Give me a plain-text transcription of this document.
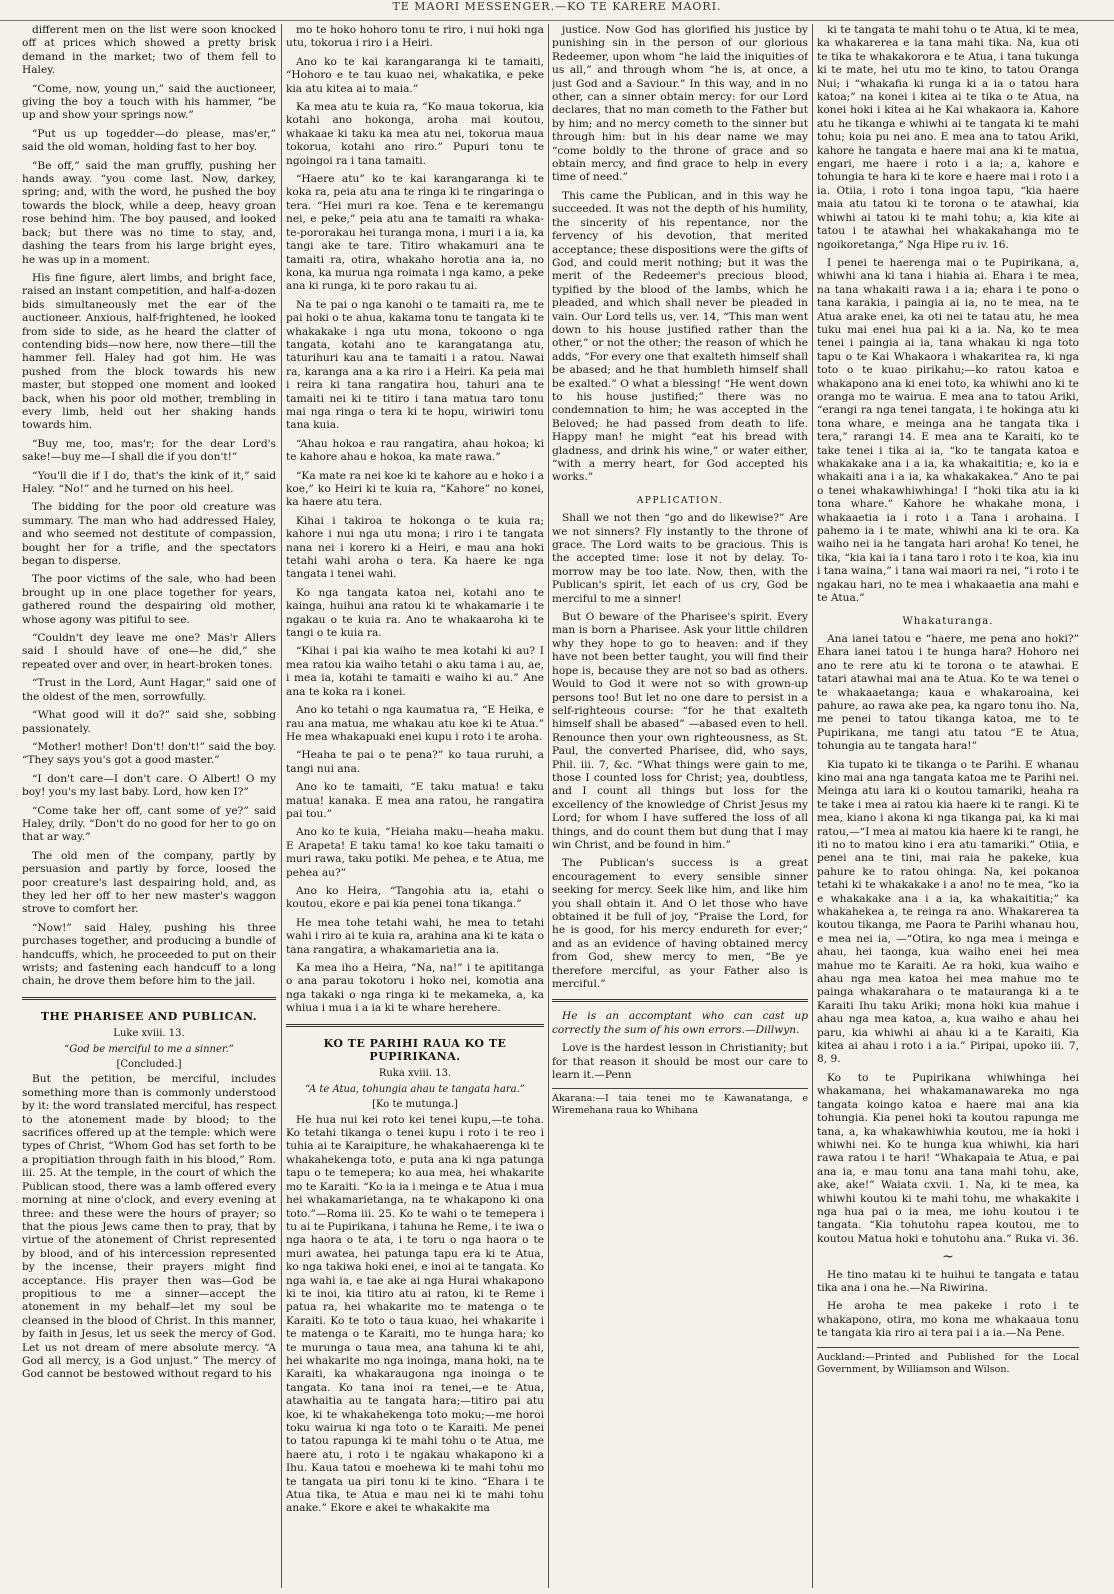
TE MAORI MESSENGER.—KO TE KARERE MAORI.

different men on the list were soon knocked off at prices which showed a pretty brisk demand in the market; two of them fell to Haley.

“Come, now, young un,” said the auctioneer, giving the boy a touch with his hammer, “be up and show your springs now.”

“Put us up togedder—do please, mas'er,” said the old woman, holding fast to her boy.

“Be off,” said the man gruffly, pushing her hands away. “you come last. Now, darkey, spring; and, with the word, he pushed the boy towards the block, while a deep, heavy groan rose behind him. The boy paused, and looked back; but there was no time to stay, and, dashing the tears from his large bright eyes, he was up in a moment.

His fine figure, alert limbs, and bright face, raised an instant competition, and half-a-dozen bids simultaneously met the ear of the auctioneer. Anxious, half-frightened, he looked from side to side, as he heard the clatter of contending bids—now here, now there—till the hammer fell. Haley had got him. He was pushed from the block towards his new master, but stopped one moment and looked back, when his poor old mother, trembling in every limb, held out her shaking hands towards him.

“Buy me, too, mas'r; for the dear Lord's sake!—buy me—I shall die if you don't!”

“You'll die if I do, that's the kink of it,” said Haley. “No!” and he turned on his heel.

The bidding for the poor old creature was summary. The man who had addressed Haley, and who seemed not destitute of compassion, bought her for a trifle, and the spectators began to disperse.

The poor victims of the sale, who had been brought up in one place together for years, gathered round the despairing old mother, whose agony was pitiful to see.

“Couldn't dey leave me one? Mas'r Allers said I should have of one—he did,” she repeated over and over, in heart-broken tones.

“Trust in the Lord, Aunt Hagar,” said one of the oldest of the men, sorrowfully.

“What good will it do?” said she, sobbing passionately.

“Mother! mother! Don't! don't!” said the boy. “They says you's got a good master.”

“I don't care—I don't care. O Albert! O my boy! you's my last baby. Lord, how ken I?”

“Come take her off, cant some of ye?” said Haley, drily. “Don't do no good for her to go on that ar way.”

The old men of the company, partly by persuasion and partly by force, loosed the poor creature's last despairing hold, and, as they led her off to her new master's waggon strove to comfort her.

“Now!” said Haley, pushing his three purchases together, and producing a bundle of handcuffs, which, he proceeded to put on their wrists; and fastening each handcuff to a long chain, he drove them before him to the jail.

THE PHARISEE AND PUBLICAN.
Luke xviii. 13.
“God be merciful to me a sinner.”
[Concluded.]

But the petition, be merciful, includes something more than is commonly understood by it: the word translated merciful, has respect to the atonement made by blood; to the sacrifices offered up at the temple: which were types of Christ, “Whom God has set forth to be a propitiation through faith in his blood,” Rom. iii. 25. At the temple, in the court of which the Publican stood, there was a lamb offered every morning at nine o'clock, and every evening at three: and these were the hours of prayer; so that the pious Jews came then to pray, that by virtue of the atonement of Christ represented by blood, and of his intercession represented by the incense, their prayers might find acceptance. His prayer then was—God be propitious to me a sinner—accept the atonement in my behalf—let my soul be cleansed in the blood of Christ. In this manner, by faith in Jesus, let us seek the mercy of God. Let us not dream of mere absolute mercy. “A God all mercy, is a God unjust.” The mercy of God cannot be bestowed without regard to his

mo te hoko hohoro tonu te riro, i nui hoki nga utu, tokorua i riro i a Heiri.

Ano ko te kai karangaranga ki te tamaiti, “Hohoro e te tau kuao nei, whakatika, e peke kia atu kitea ai to maia.”

Ka mea atu te kuia ra, “Ko maua tokorua, kia kotahi ano hokonga, aroha mai koutou, whakaae ki taku ka mea atu nei, tokorua maua tokorua, kotahi ano riro.” Pupuri tonu te ngoingoi ra i tana tamaiti.

“Haere atu” ko te kai karangaranga ki te koka ra, peia atu ana te ringa ki te ringaringa o tera. “Hei muri ra koe. Tena e te keremangu nei, e peke,” peia atu ana te tamaiti ra whaka-te-pororakau hei turanga mona, i muri i a ia, ka tangi ake te tare. Titiro whakamuri ana te tamaiti ra, otira, whakaho horotia ana ia, no kona, ka murua nga roimata i nga kamo, a peke ana ki runga, ki te poro rakau tu ai.

Na te pai o nga kanohi o te tamaiti ra, me te pai hoki o te ahua, kakama tonu te tangata ki te whakakake i nga utu mona, tokoono o nga tangata, kotahi ano te karangatanga atu, taturihuri kau ana te tamaiti i a ratou. Nawai ra, karanga ana a ka riro i a Heiri. Ka peia mai i reira ki tana rangatira hou, tahuri ana te tamaiti nei ki te titiro i tana matua taro tonu mai nga ringa o tera ki te hopu, wiriwiri tonu tana kuia.

“Ahau hokoa e rau rangatira, ahau hokoa; ki te kahore ahau e hokoa, ka mate rawa.”

“Ka mate ra nei koe ki te kahore au e hoko i a koe,” ko Heiri ki te kuia ra, “Kahore” no konei, ka haere atu tera.

Kihai i takiroa te hokonga o te kuia ra; kahore i nui nga utu mona; i riro i te tangata nana nei i korero ki a Heiri, e mau ana hoki tetahi wahi aroha o tera. Ka haere ke nga tangata i tenei wahi.

Ko nga tangata katoa nei, kotahi ano te kainga, huihui ana ratou ki te whakamarie i te ngakau o te kuia ra. Ano te whakaaroha ki te tangi o te kuia ra.

“Kihai i pai kia waiho te mea kotahi ki au? I mea ratou kia waiho tetahi o aku tama i au, ae, i mea ia, kotahi te tamaiti e waiho ki au.” Ane ana te koka ra i konei.

Ano ko tetahi o nga kaumatua ra, “E Heika, e rau ana matua, me whakau atu koe ki te Atua.” He mea whakapuaki enei kupu i roto i te aroha.

“Heaha te pai o te pena?” ko taua ruruhi, a tangi nui ana.

Ano ko te tamaiti, “E taku matua! e taku matua! kanaka. E mea ana ratou, he rangatira pai tou.”

Ano ko te kuia, “Heiaha maku—heaha maku. E Arapeta! E taku tama! ko koe taku tamaiti o muri rawa, taku potiki. Me pehea, e te Atua, me pehea au?”

Ano ko Heira, “Tangohia atu ia, etahi o koutou, ekore e pai kia penei tona tikanga.”

He mea tohe tetahi wahi, he mea to tetahi wahi i riro ai te kuia ra, arahina ana ki te kata o tana rangatira, a whakamarietia ana ia.

Ka mea iho a Heira, “Na, na!” i te apititanga o ana parau tokotoru i hoko nei, komotia ana nga takaki o nga ringa ki te mekameka, a, ka whiua i mua i a ia ki te whare herehere.

KO TE PARIHI RAUA KO TE PUPIRIKANA.
Ruka xviii. 13.
“A te Atua, tohungia ahau te tangata hara.”
[Ko te mutunga.]

He hua nui kei roto kei tenei kupu,—te toha. Ko tetahi tikanga o tenei kupu i roto i te reo i tuhia ai te Karaipiture, he whakahaerenga ki te whakahekenga toto, e puta ana ki nga patunga tapu o te temepera; ko aua mea, hei whakarite mo te Karaiti. “Ko ia ia i meinga e te Atua i mua hei whakamarietanga, na te whakapono ki ona toto.”—Roma iii. 25. Ko te wahi o te temepera i tu ai te Pupirikana, i tahuna he Reme, i te iwa o nga haora o te ata, i te toru o nga haora o te muri awatea, hei patunga tapu era ki te Atua, ko nga takiwa hoki enei, e inoi ai te tangata. Ko nga wahi ia, e tae ake ai nga Hurai whakapono ki te inoi, kia titiro atu ai ratou, ki te Reme i patua ra, hei whakarite mo te matenga o te Karaiti. Ko te toto o taua kuao, hei whakarite i te matenga o te Karaiti, mo te hunga hara; ko te murunga o taua mea, ana tahuna ki te ahi, hei whakarite mo nga inoinga, mana hoki, na te Karaiti, ka whakaraugona nga inoinga o te tangata. Ko tana inoi ra tenei,—e te Atua, atawhaitia au te tangata hara;—titiro pai atu koe, ki te whakahekenga toto moku;—me horoi toku wairua ki nga toto o te Karaiti. Me penei to tatou rapunga ki te mahi tohu o te Atua, me haere atu, i roto i te ngakau whakapono ki a Ihu. Kaua tatou e moehewa ki te mahi tohu mo te tangata ua piri tonu ki te kino. “Ehara i te Atua tika, te Atua e mau nei ki te mahi tohu anake.” Ekore e akei te whakakite ma

justice. Now God has glorified his justice by punishing sin in the person of our glorious Redeemer, upon whom “he laid the iniquities of us all,” and through whom “he is, at once, a just God and a Saviour.” In this way, and in no other, can a sinner obtain mercy: for our Lord declares, that no man cometh to the Father but by him; and no mercy cometh to the sinner but through him: but in his dear name we may “come boldly to the throne of grace and so obtain mercy, and find grace to help in every time of need.”

This came the Publican, and in this way he succeeded. It was not the depth of his humility, the sincerity of his repentance, nor the fervency of his devotion, that merited acceptance; these dispositions were the gifts of God, and could merit nothing; but it was the merit of the Redeemer's precious blood, typified by the blood of the lambs, which he pleaded, and which shall never be pleaded in vain. Our Lord tells us, ver. 14, “This man went down to his house justified rather than the other,” or not the other; the reason of which he adds, “For every one that exalteth himself shall be abased; and he that humbleth himself shall be exalted.” O what a blessing! “He went down to his house justified;” there was no condemnation to him; he was accepted in the Beloved; he had passed from death to life. Happy man! he might “eat his bread with gladness, and drink his wine,” or water either, “with a merry heart, for God accepted his works.”

APPLICATION.

Shall we not then “go and do likewise?” Are we not sinners? Fly instantly to the throne of grace. The Lord waits to be gracious. This is the accepted time: lose it not by delay. To-morrow may be too late. Now, then, with the Publican's spirit, let each of us cry, God be merciful to me a sinner!

But O beware of the Pharisee's spirit. Every man is born a Pharisee. Ask your little children why they hope to go to heaven: and if they have not been better taught, you will find their hope is, because they are not so bad as others. Would to God it were not so with grown-up persons too! But let no one dare to persist in a self-righteous course: “for he that exalteth himself shall be abased” —abased even to hell. Renounce then your own righteousness, as St. Paul, the converted Pharisee, did, who says, Phil. iii. 7, &c. “What things were gain to me, those I counted loss for Christ; yea, doubtless, and I count all things but loss for the excellency of the knowledge of Christ Jesus my Lord; for whom I have suffered the loss of all things, and do count them but dung that I may win Christ, and be found in him.”

The Publican's success is a great encouragement to every sensible sinner seeking for mercy. Seek like him, and like him you shall obtain it. And O let those who have obtained it be full of joy, “Praise the Lord, for he is good, for his mercy endureth for ever;” and as an evidence of having obtained mercy from God, shew mercy to men, “Be ye therefore merciful, as your Father also is merciful.”

He is an accomptant who can cast up correctly the sum of his own errors.—Dillwyn.

Love is the hardest lesson in Christianity; but for that reason it should be most our care to learn it.—Penn

Akarana:—I taia tenei mo te Kawanatanga, e Wiremehana raua ko Whihana

ki te tangata te mahi tohu o te Atua, ki te mea, ka whakarerea e ia tana mahi tika. Na, kua oti te tika te whakakorora e te Atua, i tana tukunga ki te mate, hei utu mo te kino, to tatou Oranga Nui; i “whakafia ki runga ki a ia o tatou hara katoa;” na konei i kitea ai te tika o te Atua, na konei hoki i kitea ai he Kai whakaora ia. Kahore atu he tikanga e whiwhi ai te tangata ki te mahi tohu; koia pu nei ano. E mea ana to tatou Ariki, kahore he tangata e haere mai ana ki te matua, engari, me haere i roto i a ia; a, kahore e tohungia te hara ki te kore e haere mai i roto i a ia. Otiia, i roto i tona ingoa tapu, “kia haere maia atu tatou ki te torona o te atawhai, kia whiwhi ai tatou ki te mahi tohu; a, kia kite ai tatou i te atawhai hei whakakahanga mo te ngoikoretanga,” Nga Hipe ru iv. 16.

I penei te haerenga mai o te Pupirikana, a, whiwhi ana ki tana i hiahia ai. Ehara i te mea, na tana whakaiti rawa i a ia; ehara i te pono o tana karakia, i paingia ai ia, no te mea, na te Atua arake enei, ka oti nei te tatau atu, he mea tuku mai enei hua pai ki a ia. Na, ko te mea tenei i paingia ai ia, tana whakau ki nga toto tapu o te Kai Whakaora i whakaritea ra, ki nga toto o te kuao pirikahu;—ko ratou katoa e whakapono ana ki enei toto, ka whiwhi ano ki te oranga mo te wairua. E mea ana to tatou Ariki, “erangi ra nga tenei tangata, i te hokinga atu ki tona whare, e meinga ana he tangata tika i tera,” rarangi 14. E mea ana te Karaiti, ko te take tenei i tika ai ia, “ko te tangata katoa e whakakake ana i a ia, ka whakaititia; e, ko ia e whakaiti ana i a ia, ka whakakakea.” Ano te pai o tenei whakawhiwhinga! I “hoki tika atu ia ki tona whare.” Kahore he whakahe mona, i whakaaetia ia i roto i a Tana i arohaina. I pahemo ia i te mate, whiwhi ana ki te ora. Ka waiho nei ia he tangata hari aroha! Ko tenei, he tika, “kia kai ia i tana taro i roto i te koa, kia inu i tana waina,” i tana wai maori ra nei, “i roto i te ngakau hari, no te mea i whakaaetia ana mahi e te Atua.”

Whakaturanga.

Ana ianei tatou e “haere, me pena ano hoki?” Ehara ianei tatou i te hunga hara? Hohoro nei ano te rere atu ki te torona o te atawhai. E tatari atawhai mai ana te Atua. Ko te wa tenei o te whakaaetanga; kaua e whakaroaina, kei pahure, ao rawa ake pea, ka ngaro tonu iho. Na, me penei to tatou tikanga katoa, me to te Pupirikana, me tangi atu tatou “E te Atua, tohungia au te tangata hara!”

Kia tupato ki te tikanga o te Parihi. E whanau kino mai ana nga tangata katoa me te Parihi nei. Meinga atu iara ki o koutou tamariki, heaha ra te take i mea ai ratou kia haere ki te rangi. Ki te mea, kiano i akona ki nga tikanga pai, ka ki mai ratou,—“I mea ai matou kia haere ki te rangi, he iti no to matou kino i era atu tamariki.” Otiia, e penei ana te tini, mai raia he pakeke, kua pahure ke to ratou ohinga. Na, kei pokanoa tetahi ki te whakakake i a ano! no te mea, “ko ia e whakakake ana i a ia, ka whakaititia;” ka whakahekea a, te reinga ra ano. Whakarerea ta koutou tikanga, me Paora te Parihi whanau hou, e mea nei ia, —“Otira, ko nga mea i meinga e ahau, hei taonga, kua waiho enei hei mea mahue mo te Karaiti. Ae ra hoki, kua waiho e ahau nga mea katoa hei mea mahue mo te painga whakarahara o te matauranga ki a te Karaiti Ihu taku Ariki; mona hoki kua mahue i ahau nga mea katoa, a, kua waiho e ahau hei paru, kia whiwhi ai ahau ki a te Karaiti, Kia kitea ai ahau i roto i a ia.” Piripai, upoko iii. 7, 8, 9.

Ko to te Pupirikana whiwhinga hei whakamana, hei whakamanawareka mo nga tangata koingo katoa e haere mai ana kia tohungia. Kia penei hoki ta koutou rapunga me tana, a, ka whakawhiwhia koutou, me ia hoki i whiwhi nei. Ko te hunga kua whiwhi, kia hari rawa ratou i te hari! “Whakapaia te Atua, e pai ana ia, e mau tonu ana tana mahi tohu, ake, ake, ake!” Waiata cxvii. 1. Na, ki te mea, ka whiwhi koutou ki te mahi tohu, me whakakite i nga hua pai o ia mea, me iohu koutou i te tangata. “Kia tohutohu rapea koutou, me to koutou Matua hoki e tohutohu ana.” Ruka vi. 36.

~

He tino matau ki te huihui te tangata e tatau tika ana i ona he.—Na Riwirina.

He aroha te mea pakeke i roto i te whakapono, otira, mo kona me whakaaua tonu te tangata kia riro ai tera pai i a ia.—Na Pene.

Auckland:—Printed and Published for the Local Government, by Williamson and Wilson.
